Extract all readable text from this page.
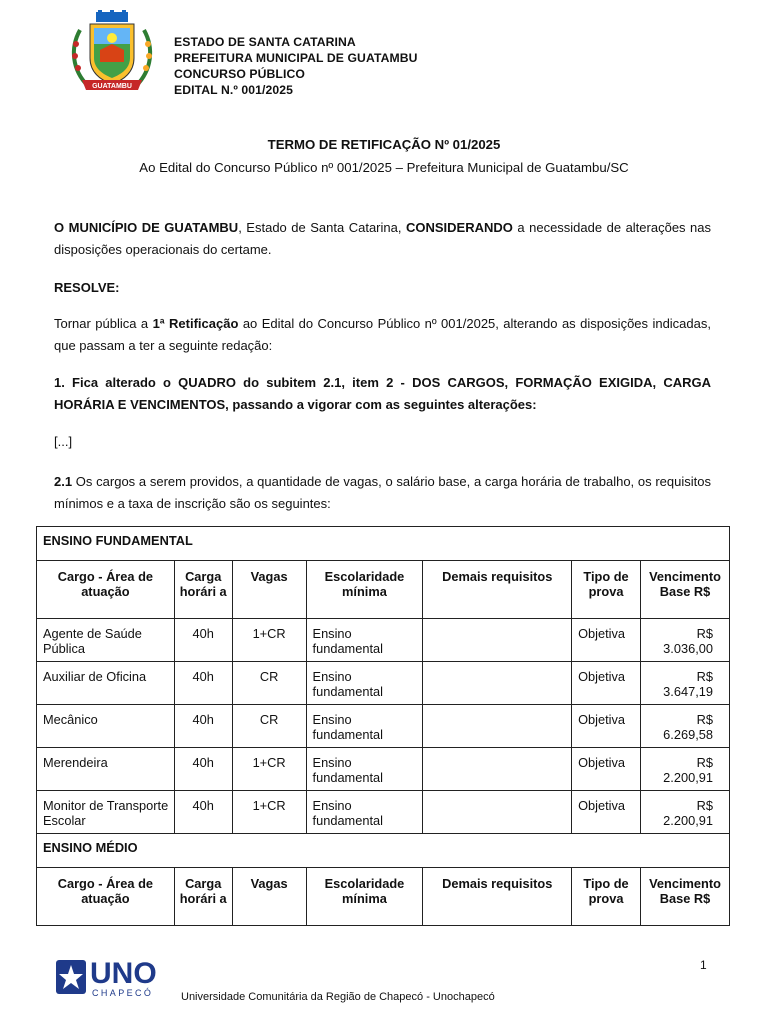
GUATAMBU
ESTADO DE SANTA CATARINA
PREFEITURA MUNICIPAL DE GUATAMBU
CONCURSO PÚBLICO
EDITAL N.º 001/2025
TERMO DE RETIFICAÇÃO Nº 01/2025
Ao Edital do Concurso Público nº 001/2025 – Prefeitura Municipal de Guatambu/SC
O MUNICÍPIO DE GUATAMBU, Estado de Santa Catarina, CONSIDERANDO a necessidade de alterações nas disposições operacionais do certame.
RESOLVE:
Tornar pública a 1ª Retificação ao Edital do Concurso Público nº 001/2025, alterando as disposições indicadas, que passam a ter a seguinte redação:
1. Fica alterado o QUADRO do subitem 2.1, item 2 - DOS CARGOS, FORMAÇÃO EXIGIDA, CARGA HORÁRIA E VENCIMENTOS, passando a vigorar com as seguintes alterações:
[...]
2.1 Os cargos a serem providos, a quantidade de vagas, o salário base, a carga horária de trabalho, os requisitos mínimos e a taxa de inscrição são os seguintes:
ENSINO FUNDAMENTAL						
Cargo - Área de atuação	Carga horári a	Vagas	Escolaridade mínima	Demais requisitos	Tipo de prova	Vencimento Base R$
Agente de Saúde Pública	40h	1+CR	Ensino fundamental		Objetiva	R$
3.036,00

Auxiliar de Oficina	40h	CR	Ensino fundamental		Objetiva	R$
3.647,19

Mecânico	40h	CR	Ensino fundamental		Objetiva	R$
6.269,58

Merendeira	40h	1+CR	Ensino fundamental		Objetiva	R$
2.200,91

Monitor de Transporte Escolar	40h	1+CR	Ensino fundamental		Objetiva	R$
2.200,91

ENSINO MÉDIO						
Cargo - Área de atuação	Carga horári a	Vagas	Escolaridade mínima	Demais requisitos	Tipo de prova	Vencimento Base R$
UNO
CHAPECÓ	Universidade Comunitária da Região de Chapecó - Unochapecó
1
